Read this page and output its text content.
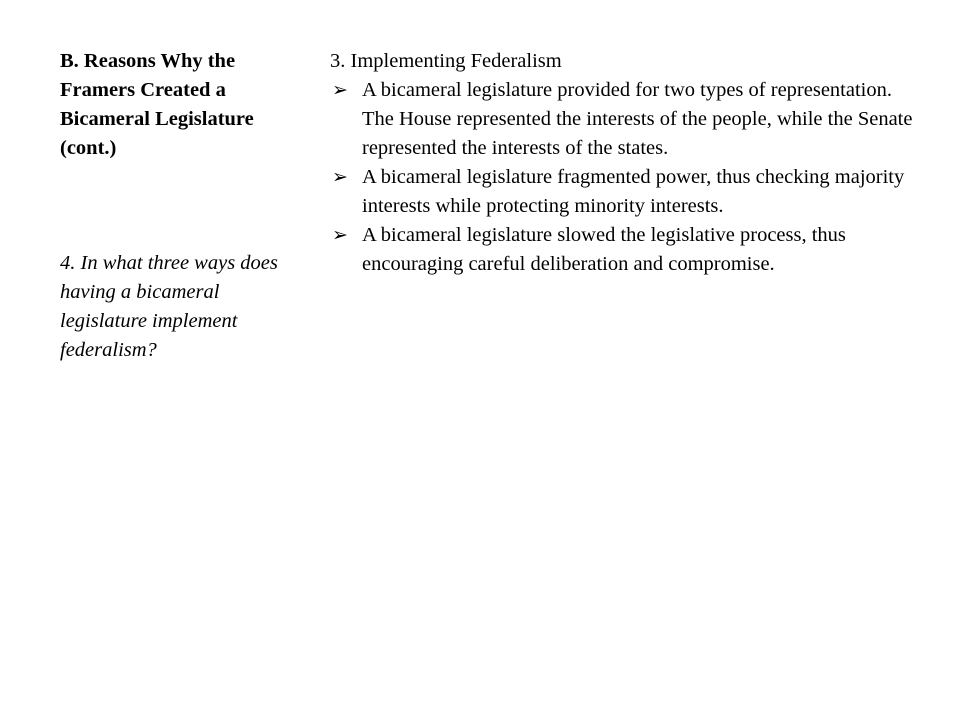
B. Reasons Why the Framers Created a Bicameral Legislature (cont.)

4. In what three ways does having a bicameral legislature implement federalism?

3. Implementing Federalism

➢ A bicameral legislature provided for two types of representation. The House represented the interests of the people, while the Senate represented the interests of the states.
➢ A bicameral legislature fragmented power, thus checking majority interests while protecting minority interests.
➢ A bicameral legislature slowed the legislative process, thus encouraging careful deliberation and compromise.
